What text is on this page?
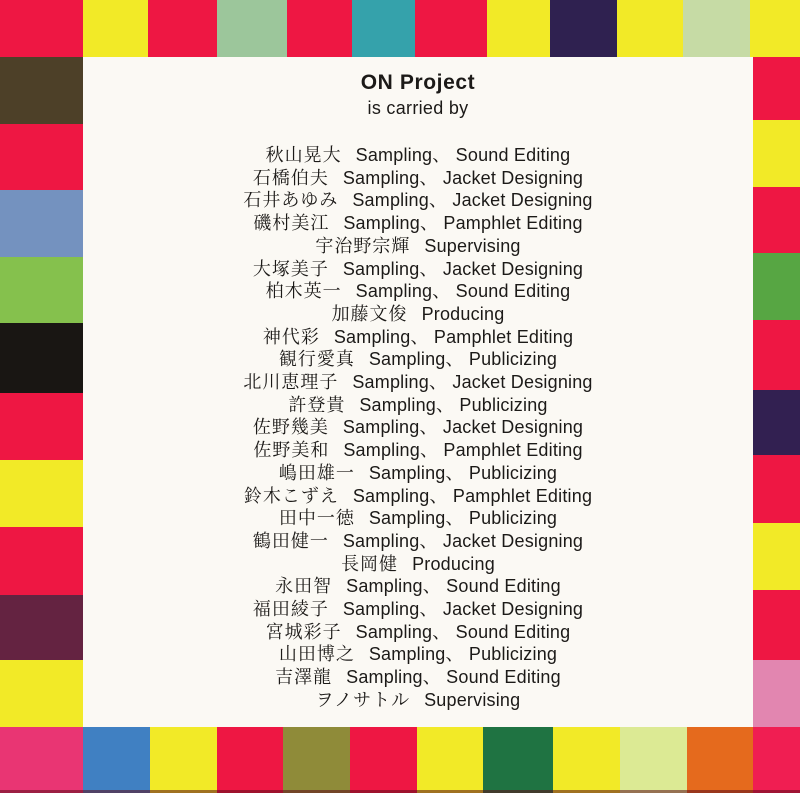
ON Project
is carried by
秋山晃大 Sampling、 Sound Editing
石橋伯夫 Sampling、 Jacket Designing
石井あゆみ Sampling、 Jacket Designing
磯村美江 Sampling、 Pamphlet Editing
宇治野宗輝 Supervising
大塚美子 Sampling、 Jacket Designing
柏木英一 Sampling、 Sound Editing
加藤文俊 Producing
神代彩 Sampling、 Pamphlet Editing
観行愛真 Sampling、 Publicizing
北川恵理子 Sampling、 Jacket Designing
許登貴 Sampling、 Publicizing
佐野幾美 Sampling、 Jacket Designing
佐野美和 Sampling、 Pamphlet Editing
嶋田雄一 Sampling、 Publicizing
鈴木こずえ Sampling、 Pamphlet Editing
田中一徳 Sampling、 Publicizing
鶴田健一 Sampling、 Jacket Designing
長岡健 Producing
永田智 Sampling、 Sound Editing
福田綾子 Sampling、 Jacket Designing
宮城彩子 Sampling、 Sound Editing
山田博之 Sampling、 Publicizing
吉澤龍 Sampling、 Sound Editing
ヲノサトル Supervising
